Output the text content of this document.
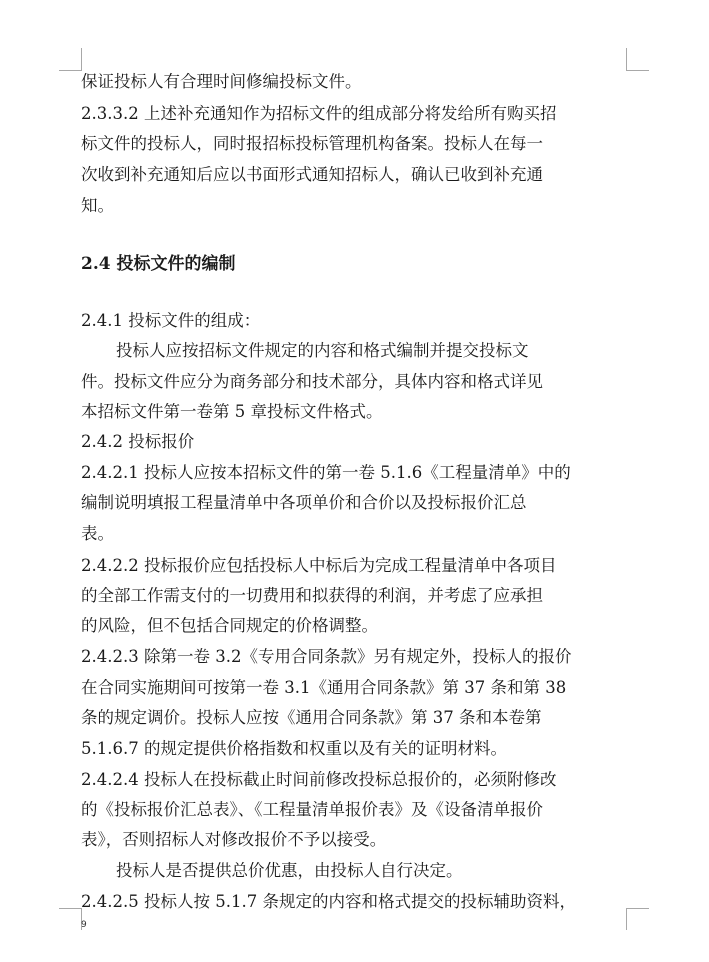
保证投标人有合理时间修编投标文件。
2.3.3.2 上述补充通知作为招标文件的组成部分将发给所有购买招
标文件的投标人，同时报招标投标管理机构备案。投标人在每一
次收到补充通知后应以书面形式通知招标人，确认已收到补充通
知。
2.4 投标文件的编制
2.4.1 投标文件的组成：
投标人应按招标文件规定的内容和格式编制并提交投标文
件。投标文件应分为商务部分和技术部分，具体内容和格式详见
本招标文件第一卷第 5 章投标文件格式。
2.4.2 投标报价
2.4.2.1 投标人应按本招标文件的第一卷 5.1.6《工程量清单》中的
编制说明填报工程量清单中各项单价和合价以及投标报价汇总
表。
2.4.2.2 投标报价应包括投标人中标后为完成工程量清单中各项目
的全部工作需支付的一切费用和拟获得的利润，并考虑了应承担
的风险，但不包括合同规定的价格调整。
2.4.2.3 除第一卷 3.2《专用合同条款》另有规定外，投标人的报价
在合同实施期间可按第一卷 3.1《通用合同条款》第 37 条和第 38
条的规定调价。投标人应按《通用合同条款》第 37 条和本卷第
5.1.6.7 的规定提供价格指数和权重以及有关的证明材料。
2.4.2.4 投标人在投标截止时间前修改投标总报价的，必须附修改
的《投标报价汇总表》、《工程量清单报价表》及《设备清单报价
表》，否则招标人对修改报价不予以接受。
投标人是否提供总价优惠，由投标人自行决定。
2.4.2.5 投标人按 5.1.7 条规定的内容和格式提交的投标辅助资料，
9
